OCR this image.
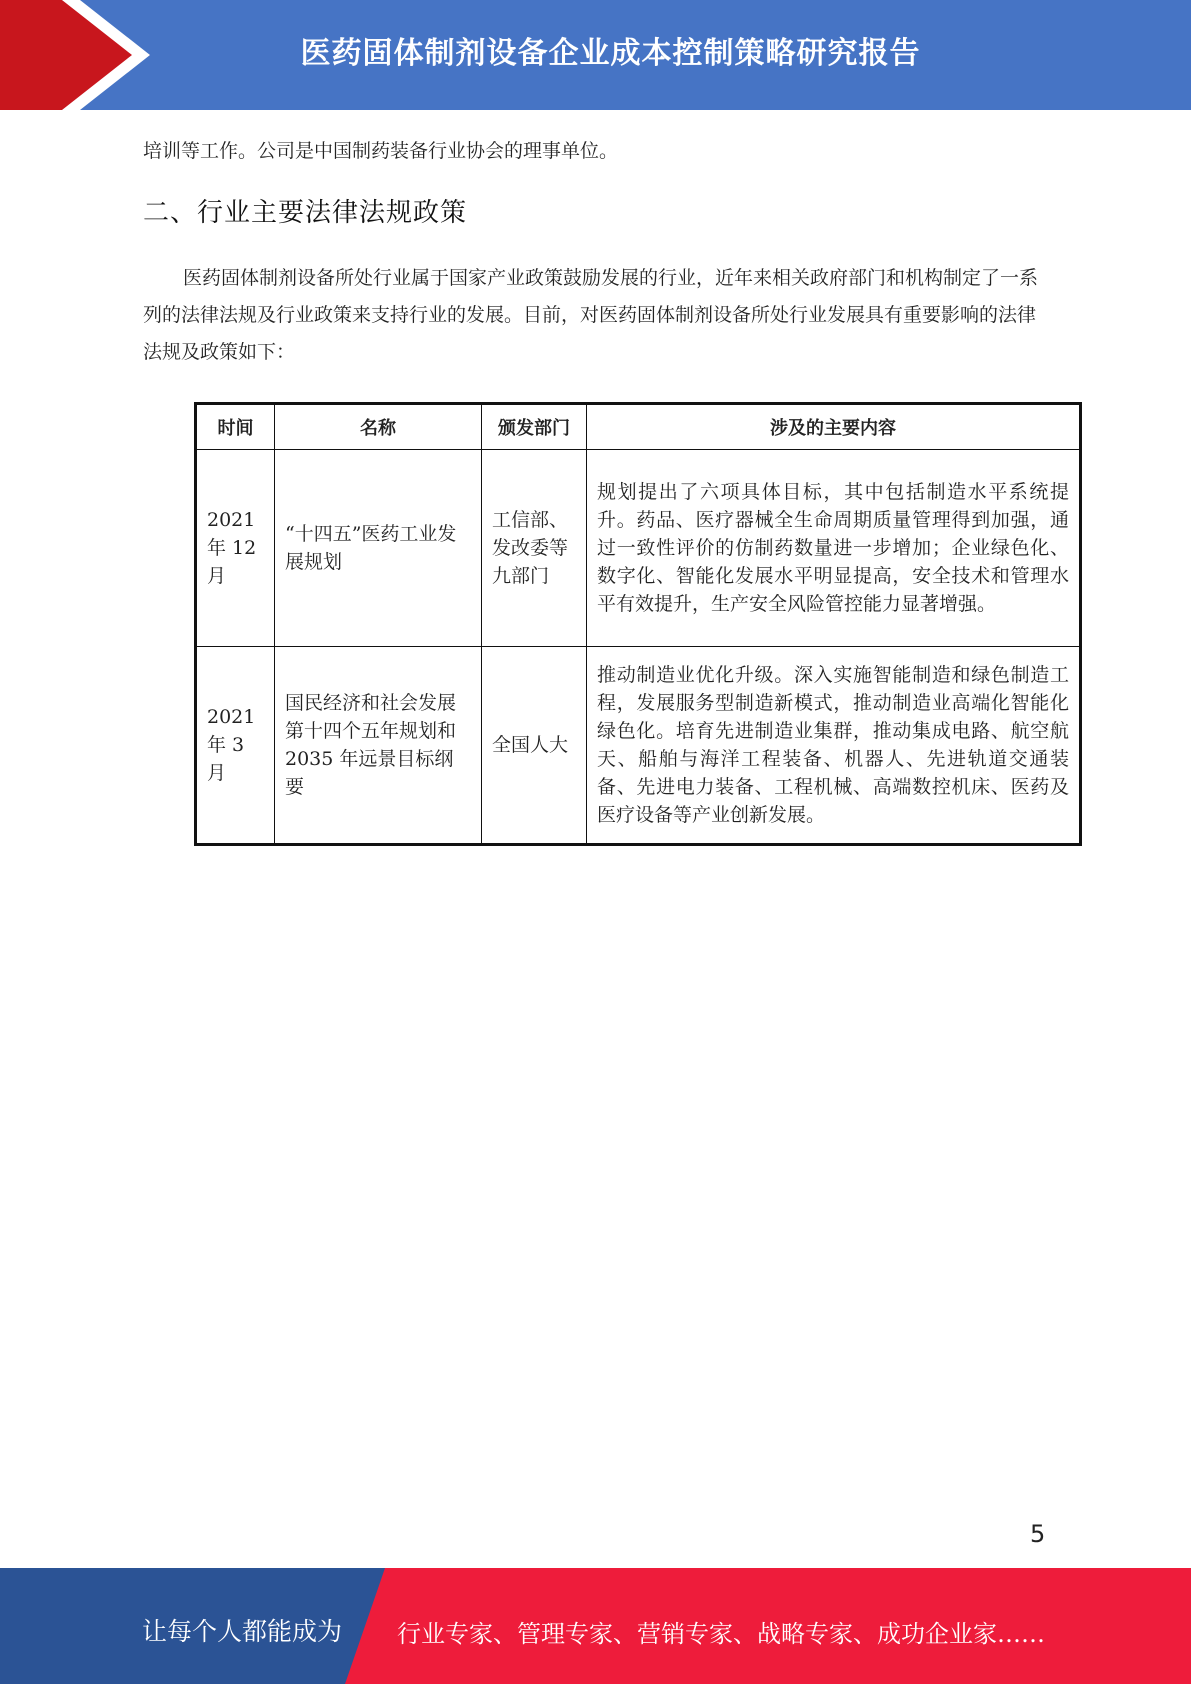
医药固体制剂设备企业成本控制策略研究报告
培训等工作。公司是中国制药装备行业协会的理事单位。
二、行业主要法律法规政策
医药固体制剂设备所处行业属于国家产业政策鼓励发展的行业，近年来相关政府部门和机构制定了一系列的法律法规及行业政策来支持行业的发展。目前，对医药固体制剂设备所处行业发展具有重要影响的法律法规及政策如下：
时间	名称	颁发部门	涉及的主要内容
2021 年 12 月	“十四五”医药工业发展规划	工信部、发改委等九部门	规划提出了六项具体目标，其中包括制造水平系统提升。药品、医疗器械全生命周期质量管理得到加强，通过一致性评价的仿制药数量进一步增加；企业绿色化、数字化、智能化发展水平明显提高，安全技术和管理水平有效提升，生产安全风险管控能力显著增强。
2021 年 3 月	国民经济和社会发展第十四个五年规划和2035 年远景目标纲要	全国人大	推动制造业优化升级。深入实施智能制造和绿色制造工程，发展服务型制造新模式，推动制造业高端化智能化绿色化。培育先进制造业集群，推动集成电路、航空航天、船舶与海洋工程装备、机器人、先进轨道交通装备、先进电力装备、工程机械、高端数控机床、医药及医疗设备等产业创新发展。
5
让每个人都能成为 行业专家、管理专家、营销专家、战略专家、成功企业家……
